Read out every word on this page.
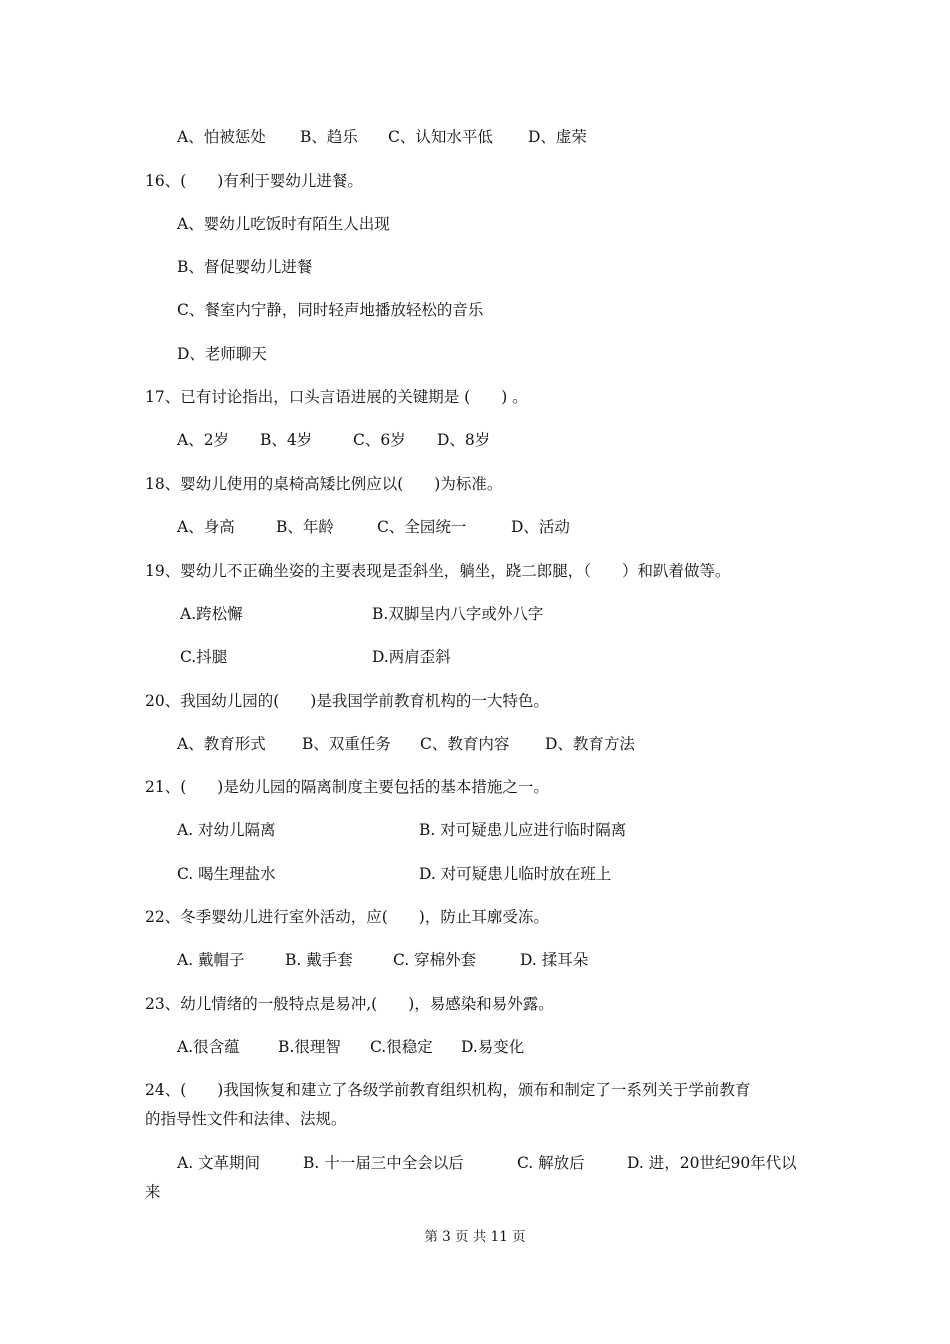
A、怕被惩处 B、趋乐 C、认知水平低 D、虚荣
16、(　　)有利于婴幼儿进餐。
A、婴幼儿吃饭时有陌生人出现
B、督促婴幼儿进餐
C、餐室内宁静，同时轻声地播放轻松的音乐
D、老师聊天
17、已有讨论指出，口头言语进展的关键期是 (　　) 。
A、2岁 B、4岁	C、6岁 D、8岁
18、婴幼儿使用的桌椅高矮比例应以(　　)为标准。
A、身高	B、年龄	C、全园统一	D、活动
19、婴幼儿不正确坐姿的主要表现是歪斜坐，躺坐，跷二郎腿，（　　）和趴着做等。
A.跨松懈	B.双脚呈内八字或外八字
C.抖腿	D.两肩歪斜
20、我国幼儿园的(　　)是我国学前教育机构的一大特色。
A、教育形式 B、双重任务 C、教育内容 D、教育方法
21、(　　)是幼儿园的隔离制度主要包括的基本措施之一。
A. 对幼儿隔离	B. 对可疑患儿应进行临时隔离
C. 喝生理盐水	D. 对可疑患儿临时放在班上
22、冬季婴幼儿进行室外活动，应(　　)，防止耳廓受冻。
A. 戴帽子	B. 戴手套	C. 穿棉外套	D. 揉耳朵
23、幼儿情绪的一般特点是易冲,(　　)，易感染和易外露。
A.很含蕴 B.很理智 C.很稳定 D.易变化
24、(　　)我国恢复和建立了各级学前教育组织机构，颁布和制定了一系列关于学前教育
的指导性文件和法律、法规。
A. 文革期间	B. 十一届三中全会以后	C. 解放后	D. 进，20世纪90年代以
来
第 3 页 共 11 页
